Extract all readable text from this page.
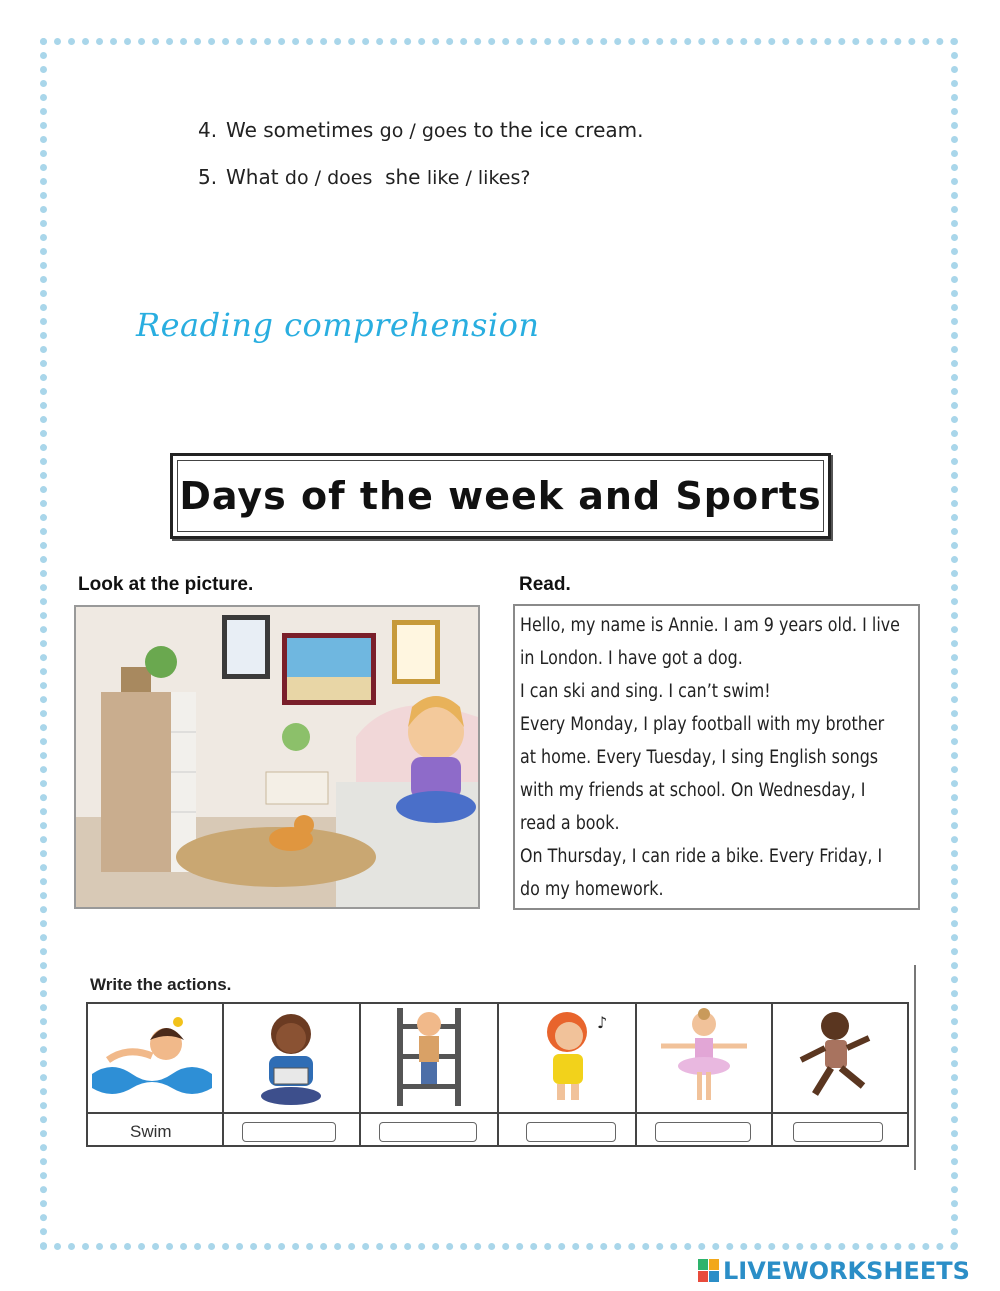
4. We sometimes go / goes to the ice cream.
5. What do / does  she like / likes?
Reading comprehension
Days of the week and Sports
Look at the picture.	Read.
Hello, my name is Annie. I am 9 years old. I live
in London. I have got a dog.
I can ski and sing. I can’t swim!
Every Monday, I play football with my brother
at home. Every Tuesday, I sing English songs
with my friends at school. On Wednesday, I
read a book.
On Thursday, I can ride a bike. Every Friday, I
do my homework.
Write the actions.
♪
Swim
LIVEWORKSHEETS
